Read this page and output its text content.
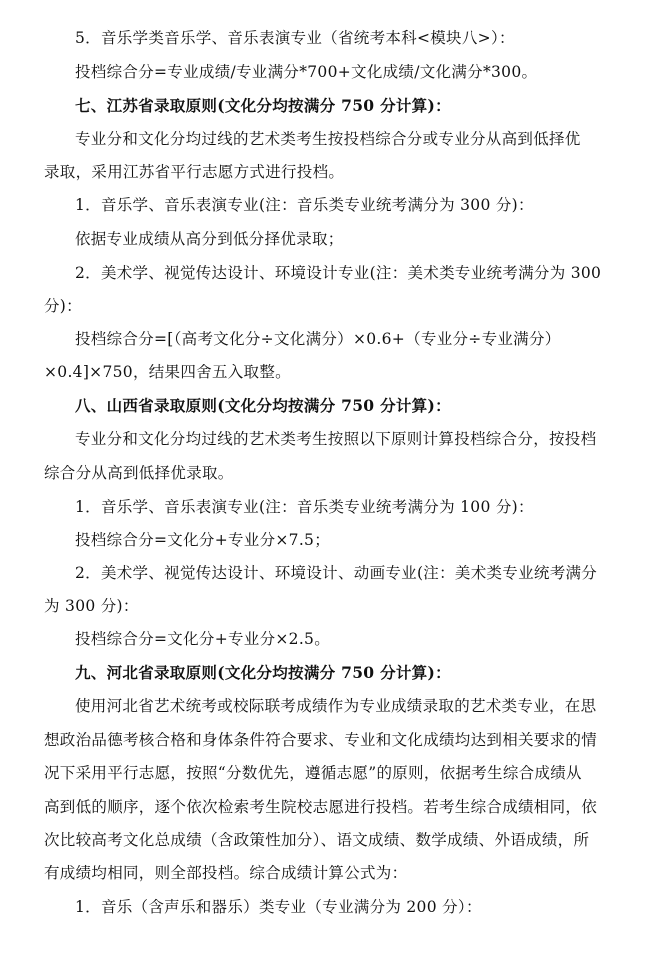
5．音乐学类音乐学、音乐表演专业（省统考本科<模块八>）：
投档综合分=专业成绩/专业满分*700+文化成绩/文化满分*300。
七、江苏省录取原则(文化分均按满分 750 分计算)：
专业分和文化分均过线的艺术类考生按投档综合分或专业分从高到低择优
录取，采用江苏省平行志愿方式进行投档。
1．音乐学、音乐表演专业(注：音乐类专业统考满分为 300 分)：
依据专业成绩从高分到低分择优录取；
2．美术学、视觉传达设计、环境设计专业(注：美术类专业统考满分为 300
分)：
投档综合分=[（高考文化分÷文化满分）×0.6+（专业分÷专业满分）
×0.4]×750，结果四舍五入取整。
八、山西省录取原则(文化分均按满分 750 分计算)：
专业分和文化分均过线的艺术类考生按照以下原则计算投档综合分，按投档
综合分从高到低择优录取。
1．音乐学、音乐表演专业(注：音乐类专业统考满分为 100 分)：
投档综合分=文化分+专业分×7.5；
2．美术学、视觉传达设计、环境设计、动画专业(注：美术类专业统考满分
为 300 分)：
投档综合分=文化分+专业分×2.5。
九、河北省录取原则(文化分均按满分 750 分计算)：
使用河北省艺术统考或校际联考成绩作为专业成绩录取的艺术类专业，在思
想政治品德考核合格和身体条件符合要求、专业和文化成绩均达到相关要求的情
况下采用平行志愿，按照“分数优先，遵循志愿”的原则，依据考生综合成绩从
高到低的顺序，逐个依次检索考生院校志愿进行投档。若考生综合成绩相同，依
次比较高考文化总成绩（含政策性加分）、语文成绩、数学成绩、外语成绩，所
有成绩均相同，则全部投档。综合成绩计算公式为：
1．音乐（含声乐和器乐）类专业（专业满分为 200 分）：
